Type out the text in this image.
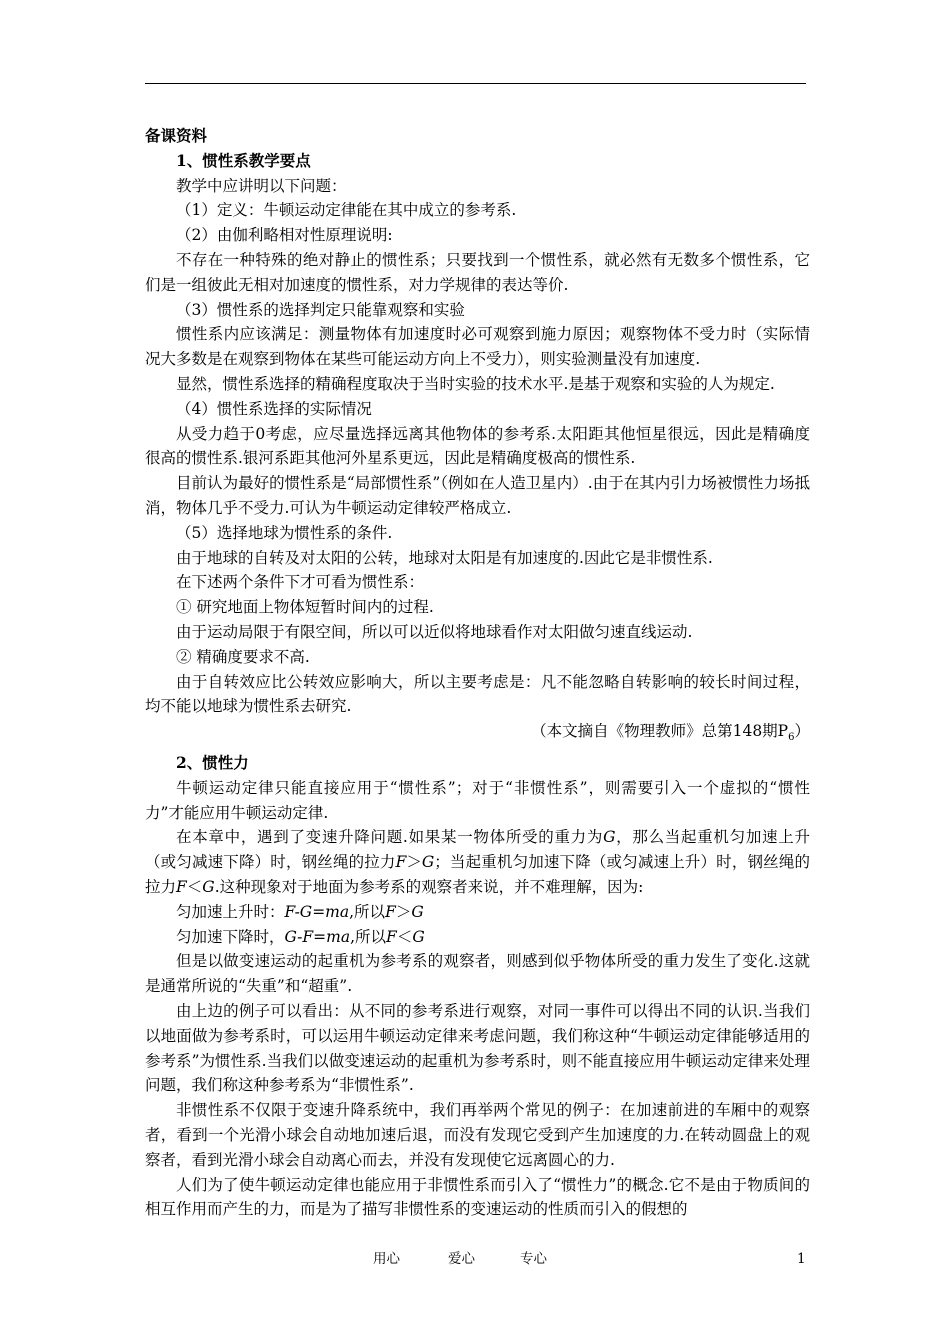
备课资料

1、惯性系教学要点

教学中应讲明以下问题：

（1）定义：牛顿运动定律能在其中成立的参考系.

（2）由伽利略相对性原理说明:

不存在一种特殊的绝对静止的惯性系；只要找到一个惯性系，就必然有无数多个惯性系，它们是一组彼此无相对加速度的惯性系，对力学规律的表达等价.

（3）惯性系的选择判定只能靠观察和实验

惯性系内应该满足：测量物体有加速度时必可观察到施力原因；观察物体不受力时（实际情况大多数是在观察到物体在某些可能运动方向上不受力），则实验测量没有加速度.

显然，惯性系选择的精确程度取决于当时实验的技术水平.是基于观察和实验的人为规定.

（4）惯性系选择的实际情况

从受力趋于0考虑，应尽量选择远离其他物体的参考系.太阳距其他恒星很远，因此是精确度很高的惯性系.银河系距其他河外星系更远，因此是精确度极高的惯性系.

目前认为最好的惯性系是“局部惯性系”（例如在人造卫星内）.由于在其内引力场被惯性力场抵消，物体几乎不受力.可认为牛顿运动定律较严格成立.

（5）选择地球为惯性系的条件.

由于地球的自转及对太阳的公转，地球对太阳是有加速度的.因此它是非惯性系.

在下述两个条件下才可看为惯性系：

① 研究地面上物体短暂时间内的过程.

由于运动局限于有限空间，所以可以近似将地球看作对太阳做匀速直线运动.

② 精确度要求不高.

由于自转效应比公转效应影响大，所以主要考虑是：凡不能忽略自转影响的较长时间过程，均不能以地球为惯性系去研究.

（本文摘自《物理教师》总第148期$P_6$）

2、惯性力

牛顿运动定律只能直接应用于“惯性系”；对于“非惯性系”，则需要引入一个虚拟的“惯性力”才能应用牛顿运动定律.

在本章中，遇到了变速升降问题.如果某一物体所受的重力为G，那么当起重机匀加速上升（或匀减速下降）时，钢丝绳的拉力F＞G；当起重机匀加速下降（或匀减速上升）时，钢丝绳的拉力F＜G.这种现象对于地面为参考系的观察者来说，并不难理解，因为:

匀加速上升时：F-G=ma,所以F＞G

匀加速下降时，G-F=ma,所以F＜G

但是以做变速运动的起重机为参考系的观察者，则感到似乎物体所受的重力发生了变化.这就是通常所说的“失重”和“超重”.

由上边的例子可以看出：从不同的参考系进行观察，对同一事件可以得出不同的认识.当我们以地面做为参考系时，可以运用牛顿运动定律来考虑问题，我们称这种“牛顿运动定律能够适用的参考系”为惯性系.当我们以做变速运动的起重机为参考系时，则不能直接应用牛顿运动定律来处理问题，我们称这种参考系为“非惯性系”.

非惯性系不仅限于变速升降系统中，我们再举两个常见的例子：在加速前进的车厢中的观察者，看到一个光滑小球会自动地加速后退，而没有发现它受到产生加速度的力.在转动圆盘上的观察者，看到光滑小球会自动离心而去，并没有发现使它远离圆心的力.

人们为了使牛顿运动定律也能应用于非惯性系而引入了“惯性力”的概念.它不是由于物质间的相互作用而产生的力，而是为了描写非惯性系的变速运动的性质而引入的假想的

用心	爱心	专心	1
